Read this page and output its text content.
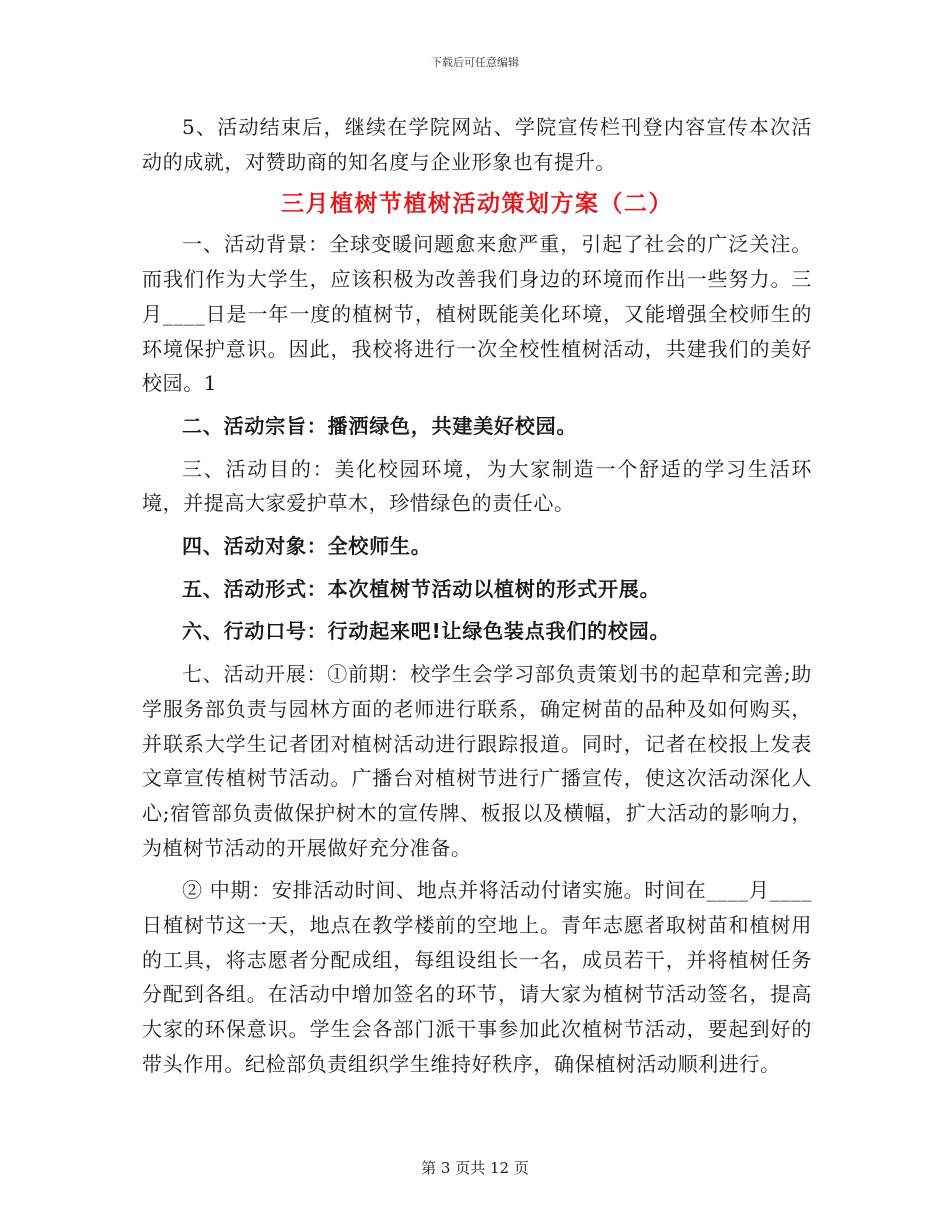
下载后可任意编辑

5、活动结束后，继续在学院网站、学院宣传栏刊登内容宣传本次活动的成就，对赞助商的知名度与企业形象也有提升。

三月植树节植树活动策划方案（二）

一、活动背景：全球变暖问题愈来愈严重，引起了社会的广泛关注。而我们作为大学生，应该积极为改善我们身边的环境而作出一些努力。三月____日是一年一度的植树节，植树既能美化环境，又能增强全校师生的环境保护意识。因此，我校将进行一次全校性植树活动，共建我们的美好校园。1

二、活动宗旨：播洒绿色，共建美好校园。

三、活动目的：美化校园环境，为大家制造一个舒适的学习生活环境，并提高大家爱护草木，珍惜绿色的责任心。

四、活动对象：全校师生。

五、活动形式：本次植树节活动以植树的形式开展。

六、行动口号：行动起来吧!让绿色装点我们的校园。

七、活动开展：①前期：校学生会学习部负责策划书的起草和完善;助学服务部负责与园林方面的老师进行联系，确定树苗的品种及如何购买，并联系大学生记者团对植树活动进行跟踪报道。同时，记者在校报上发表文章宣传植树节活动。广播台对植树节进行广播宣传，使这次活动深化人心;宿管部负责做保护树木的宣传牌、板报以及横幅，扩大活动的影响力，为植树节活动的开展做好充分准备。

② 中期：安排活动时间、地点并将活动付诸实施。时间在____月____日植树节这一天，地点在教学楼前的空地上。青年志愿者取树苗和植树用的工具，将志愿者分配成组，每组设组长一名，成员若干，并将植树任务分配到各组。在活动中增加签名的环节，请大家为植树节活动签名，提高大家的环保意识。学生会各部门派干事参加此次植树节活动，要起到好的带头作用。纪检部负责组织学生维持好秩序，确保植树活动顺利进行。

第 3 页共 12 页
